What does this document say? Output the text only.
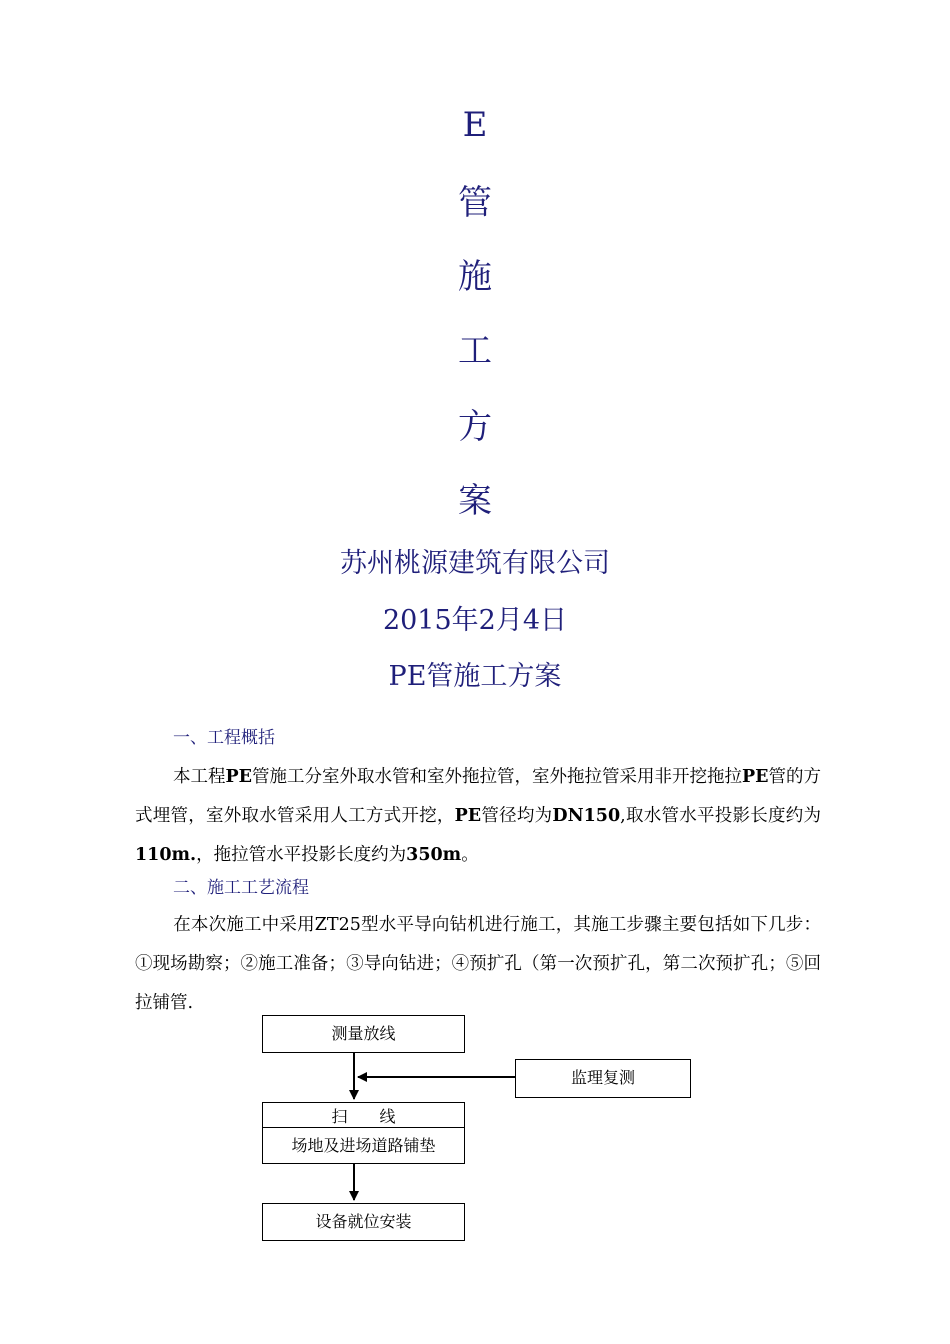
E
管
施
工
方
案
苏州桃源建筑有限公司
2015年2月4日
PE管施工方案
一、工程概括
本工程PE管施工分室外取水管和室外拖拉管，室外拖拉管采用非开挖拖拉PE管的方式埋管，室外取水管采用人工方式开挖，PE管径均为DN150,取水管水平投影长度约为110m.，拖拉管水平投影长度约为350m。
二、施工工艺流程
在本次施工中采用ZT25型水平导向钻机进行施工，其施工步骤主要包括如下几步：①现场勘察；②施工准备；③导向钻进；④预扩孔（第一次预扩孔，第二次预扩孔；⑤回拉铺管.
测量放线
监理复测
扫　　线
场地及进场道路铺垫
设备就位安装
